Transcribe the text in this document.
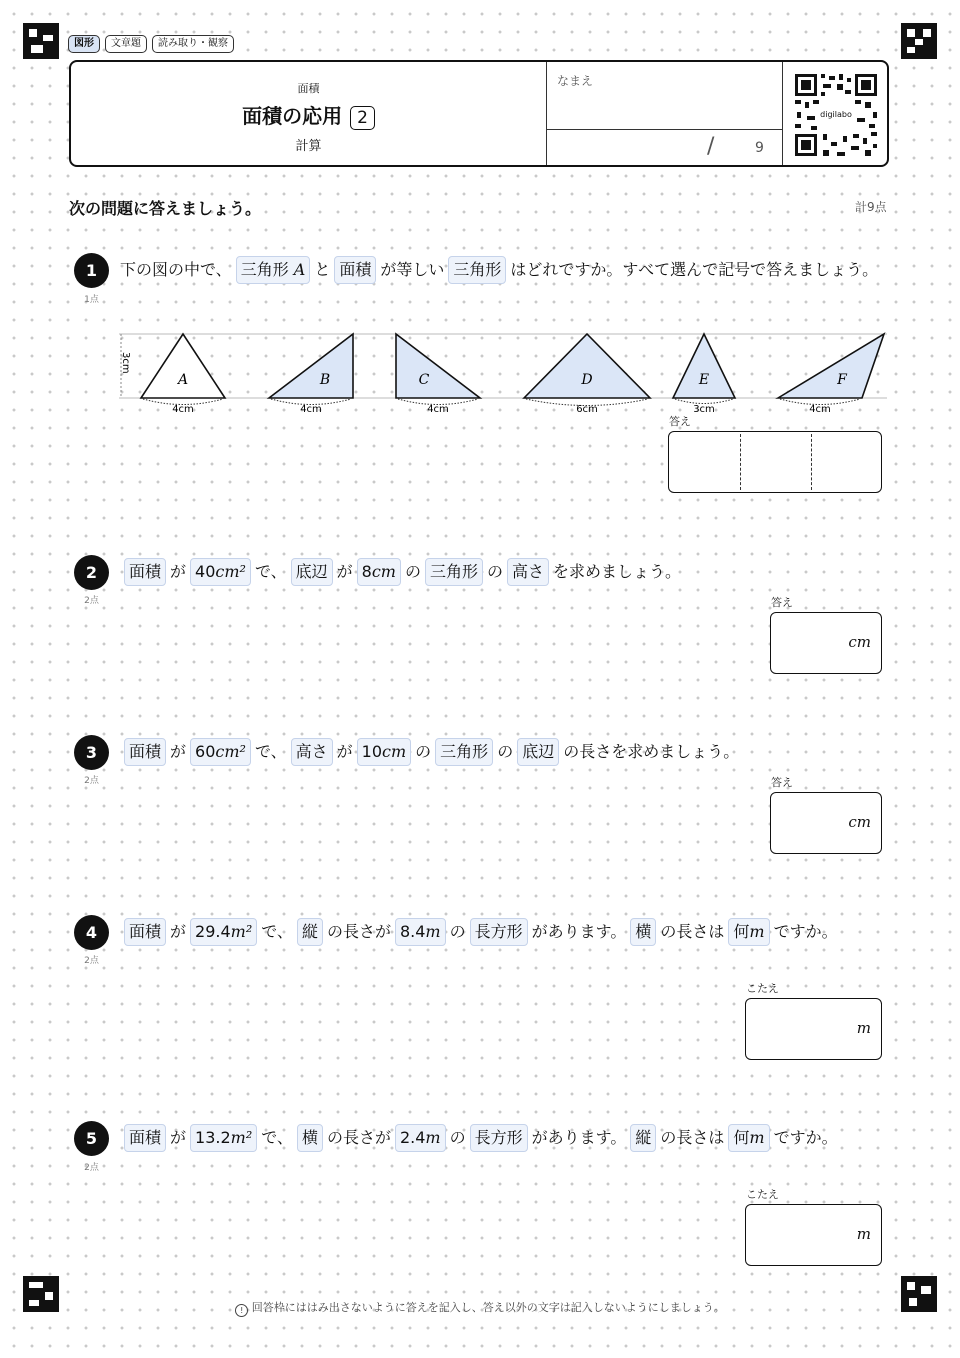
図形	文章題	読み取り・観察
面積
面積の応用 2
計算
なまえ
/	9
digilabo
次の問題に答えましょう。	計9点
1
1点
下の図の中で、 三角形 A と 面積 が等しい 三角形 はどれですか。すべて選んで記号で答えましょう。
3cm
A
4cm
B
4cm
C
4cm
D
6cm
E
3cm
F
4cm
答え
2
2点
面積 が 40cm² で、 底辺 が 8cm の 三角形 の 高さ を求めましょう。
答え
cm
3
2点
面積 が 60cm² で、 高さ が 10cm の 三角形 の 底辺 の長さを求めましょう。
答え
cm
4
2点
面積 が 29.4m² で、 縦 の長さが 8.4m の 長方形 があります。 横 の長さは 何m ですか。
こたえ
m
5
2点
面積 が 13.2m² で、 横 の長さが 2.4m の 長方形 があります。 縦 の長さは 何m ですか。
こたえ
m
! 回答枠にははみ出さないように答えを記入し、答え以外の文字は記入しないようにしましょう。
